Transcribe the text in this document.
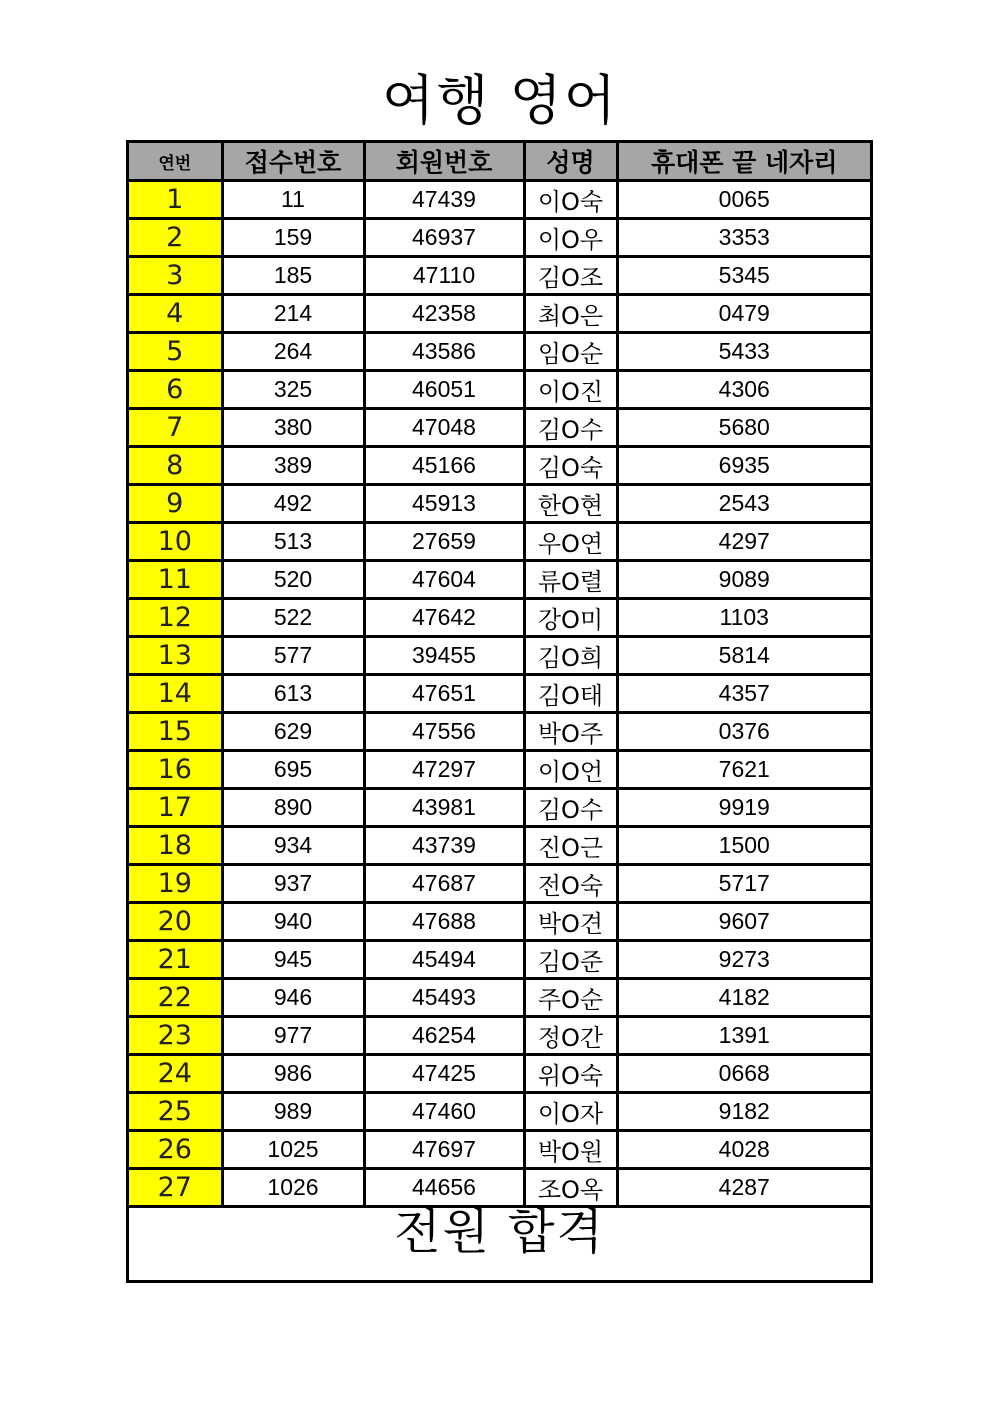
여행 영어
연번	접수번호	회원번호	성명	휴대폰 끝 네자리
1	11	47439	이O숙	0065
2	159	46937	이O우	3353
3	185	47110	김O조	5345
4	214	42358	최O은	0479
5	264	43586	임O순	5433
6	325	46051	이O진	4306
7	380	47048	김O수	5680
8	389	45166	김O숙	6935
9	492	45913	한O현	2543
10	513	27659	우O연	4297
11	520	47604	류O렬	9089
12	522	47642	강O미	1103
13	577	39455	김O희	5814
14	613	47651	김O태	4357
15	629	47556	박O주	0376
16	695	47297	이O언	7621
17	890	43981	김O수	9919
18	934	43739	진O근	1500
19	937	47687	전O숙	5717
20	940	47688	박O견	9607
21	945	45494	김O준	9273
22	946	45493	주O순	4182
23	977	46254	정O간	1391
24	986	47425	위O숙	0668
25	989	47460	이O자	9182
26	1025	47697	박O원	4028
27	1026	44656	조O옥	4287
전원 합격
